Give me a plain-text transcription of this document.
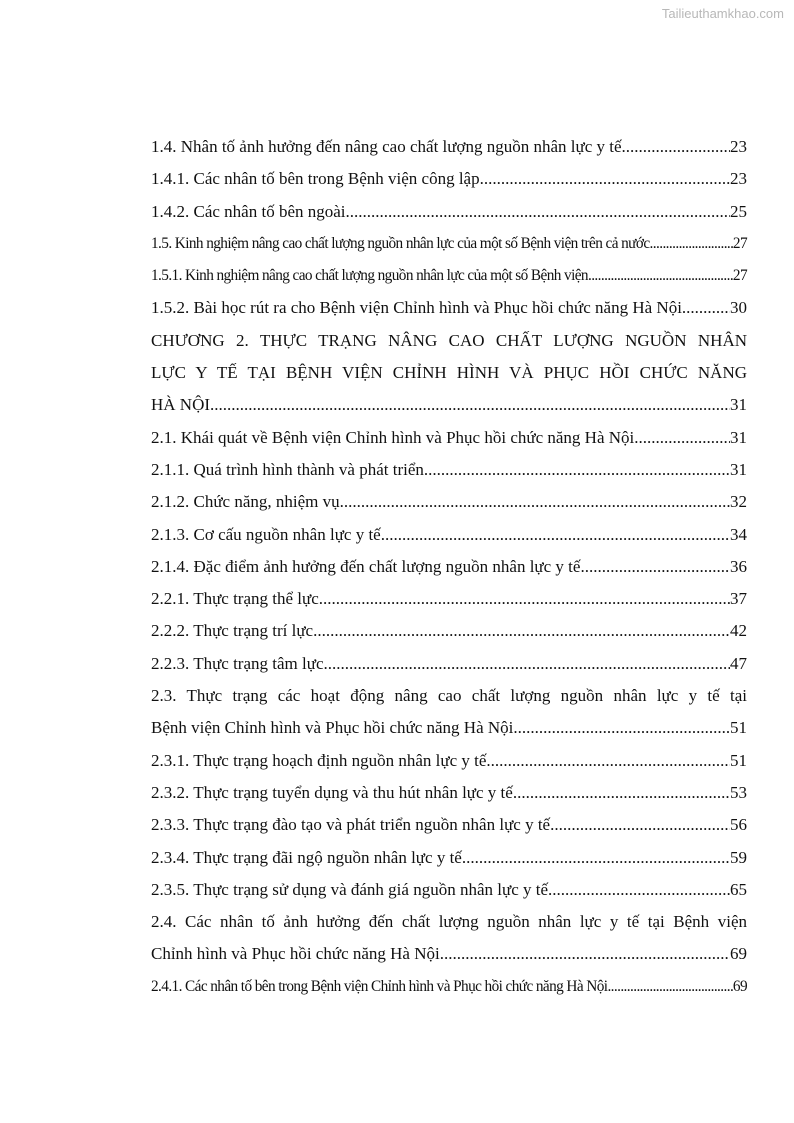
Tailieuthamkhao.com
1.4. Nhân tố ảnh hưởng đến nâng cao chất lượng nguồn nhân lực y tế .....	23
1.4.1. Các nhân tố bên trong Bệnh viện công lập .....	23
1.4.2. Các nhân tố bên ngoài .....	25
1.5. Kinh nghiệm nâng cao chất lượng nguồn nhân lực của một số Bệnh viện trên cả nước .....	27
1.5.1. Kinh nghiệm nâng cao chất lượng nguồn nhân lực của một số Bệnh viện .....	27
1.5.2. Bài học rút ra cho Bệnh viện Chỉnh hình và Phục hồi chức năng Hà Nội .....	30
CHƯƠNG 2. THỰC TRẠNG NÂNG CAO CHẤT LƯỢNG NGUỒN NHÂN
LỰC Y TẾ TẠI BỆNH VIỆN CHỈNH HÌNH VÀ PHỤC HỒI CHỨC NĂNG
HÀ NỘI .....	31
2.1. Khái quát về Bệnh viện Chỉnh hình và Phục hồi chức năng Hà Nội .....	31
2.1.1. Quá trình hình thành và phát triển .....	31
2.1.2. Chức năng, nhiệm vụ .....	32
2.1.3. Cơ cấu nguồn nhân lực y tế .....	34
2.1.4. Đặc điểm ảnh hưởng đến chất lượng nguồn nhân lực y tế .....	36
2.2.1. Thực trạng thể lực .....	37
2.2.2. Thực trạng trí lực .....	42
2.2.3. Thực trạng tâm lực .....	47
2.3. Thực trạng các hoạt động nâng cao chất lượng nguồn nhân lực y tế tại
Bệnh viện Chỉnh hình và Phục hồi chức năng Hà Nội .....	51
2.3.1. Thực trạng hoạch định nguồn nhân lực y tế .....	51
2.3.2. Thực trạng tuyển dụng và thu hút nhân lực y tế .....	53
2.3.3. Thực trạng đào tạo và phát triển nguồn nhân lực y tế .....	56
2.3.4. Thực trạng đãi ngộ nguồn nhân lực y tế .....	59
2.3.5. Thực trạng sử dụng và đánh giá nguồn nhân lực y tế .....	65
2.4. Các nhân tố ảnh hưởng đến chất lượng nguồn nhân lực y tế tại Bệnh viện
Chỉnh hình và Phục hồi chức năng Hà Nội .....	69
2.4.1. Các nhân tố bên trong Bệnh viện Chỉnh hình và Phục hồi chức năng Hà Nội .....	69
